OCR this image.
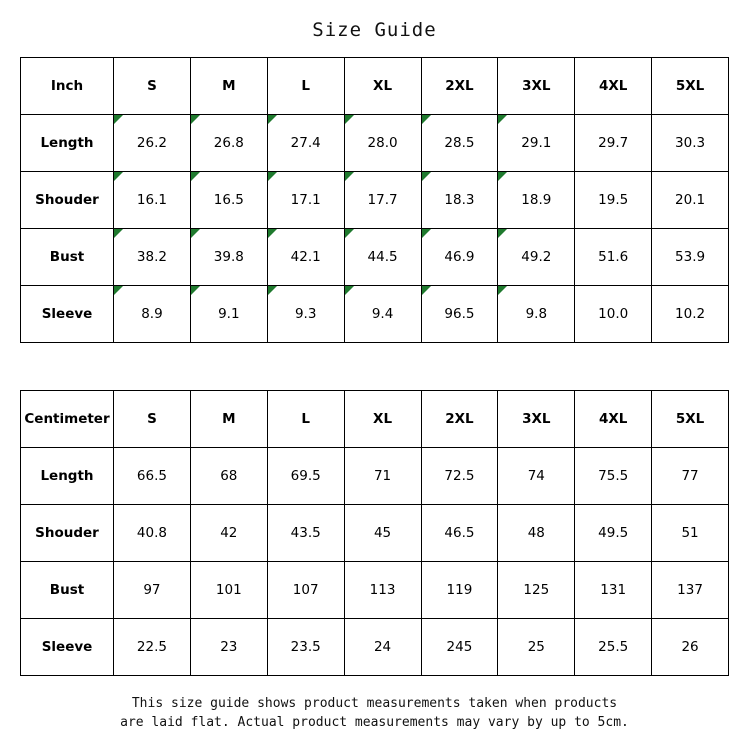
Size Guide
Inch	S	M	L	XL	2XL	3XL	4XL	5XL
Length	26.2	26.8	27.4	28.0	28.5	29.1	29.7	30.3
Shouder	16.1	16.5	17.1	17.7	18.3	18.9	19.5	20.1
Bust	38.2	39.8	42.1	44.5	46.9	49.2	51.6	53.9
Sleeve	8.9	9.1	9.3	9.4	96.5	9.8	10.0	10.2
Centimeter	S	M	L	XL	2XL	3XL	4XL	5XL
Length	66.5	68	69.5	71	72.5	74	75.5	77
Shouder	40.8	42	43.5	45	46.5	48	49.5	51
Bust	97	101	107	113	119	125	131	137
Sleeve	22.5	23	23.5	24	245	25	25.5	26
This size guide shows product measurements taken when products
are laid flat. Actual product measurements may vary by up to 5cm.
